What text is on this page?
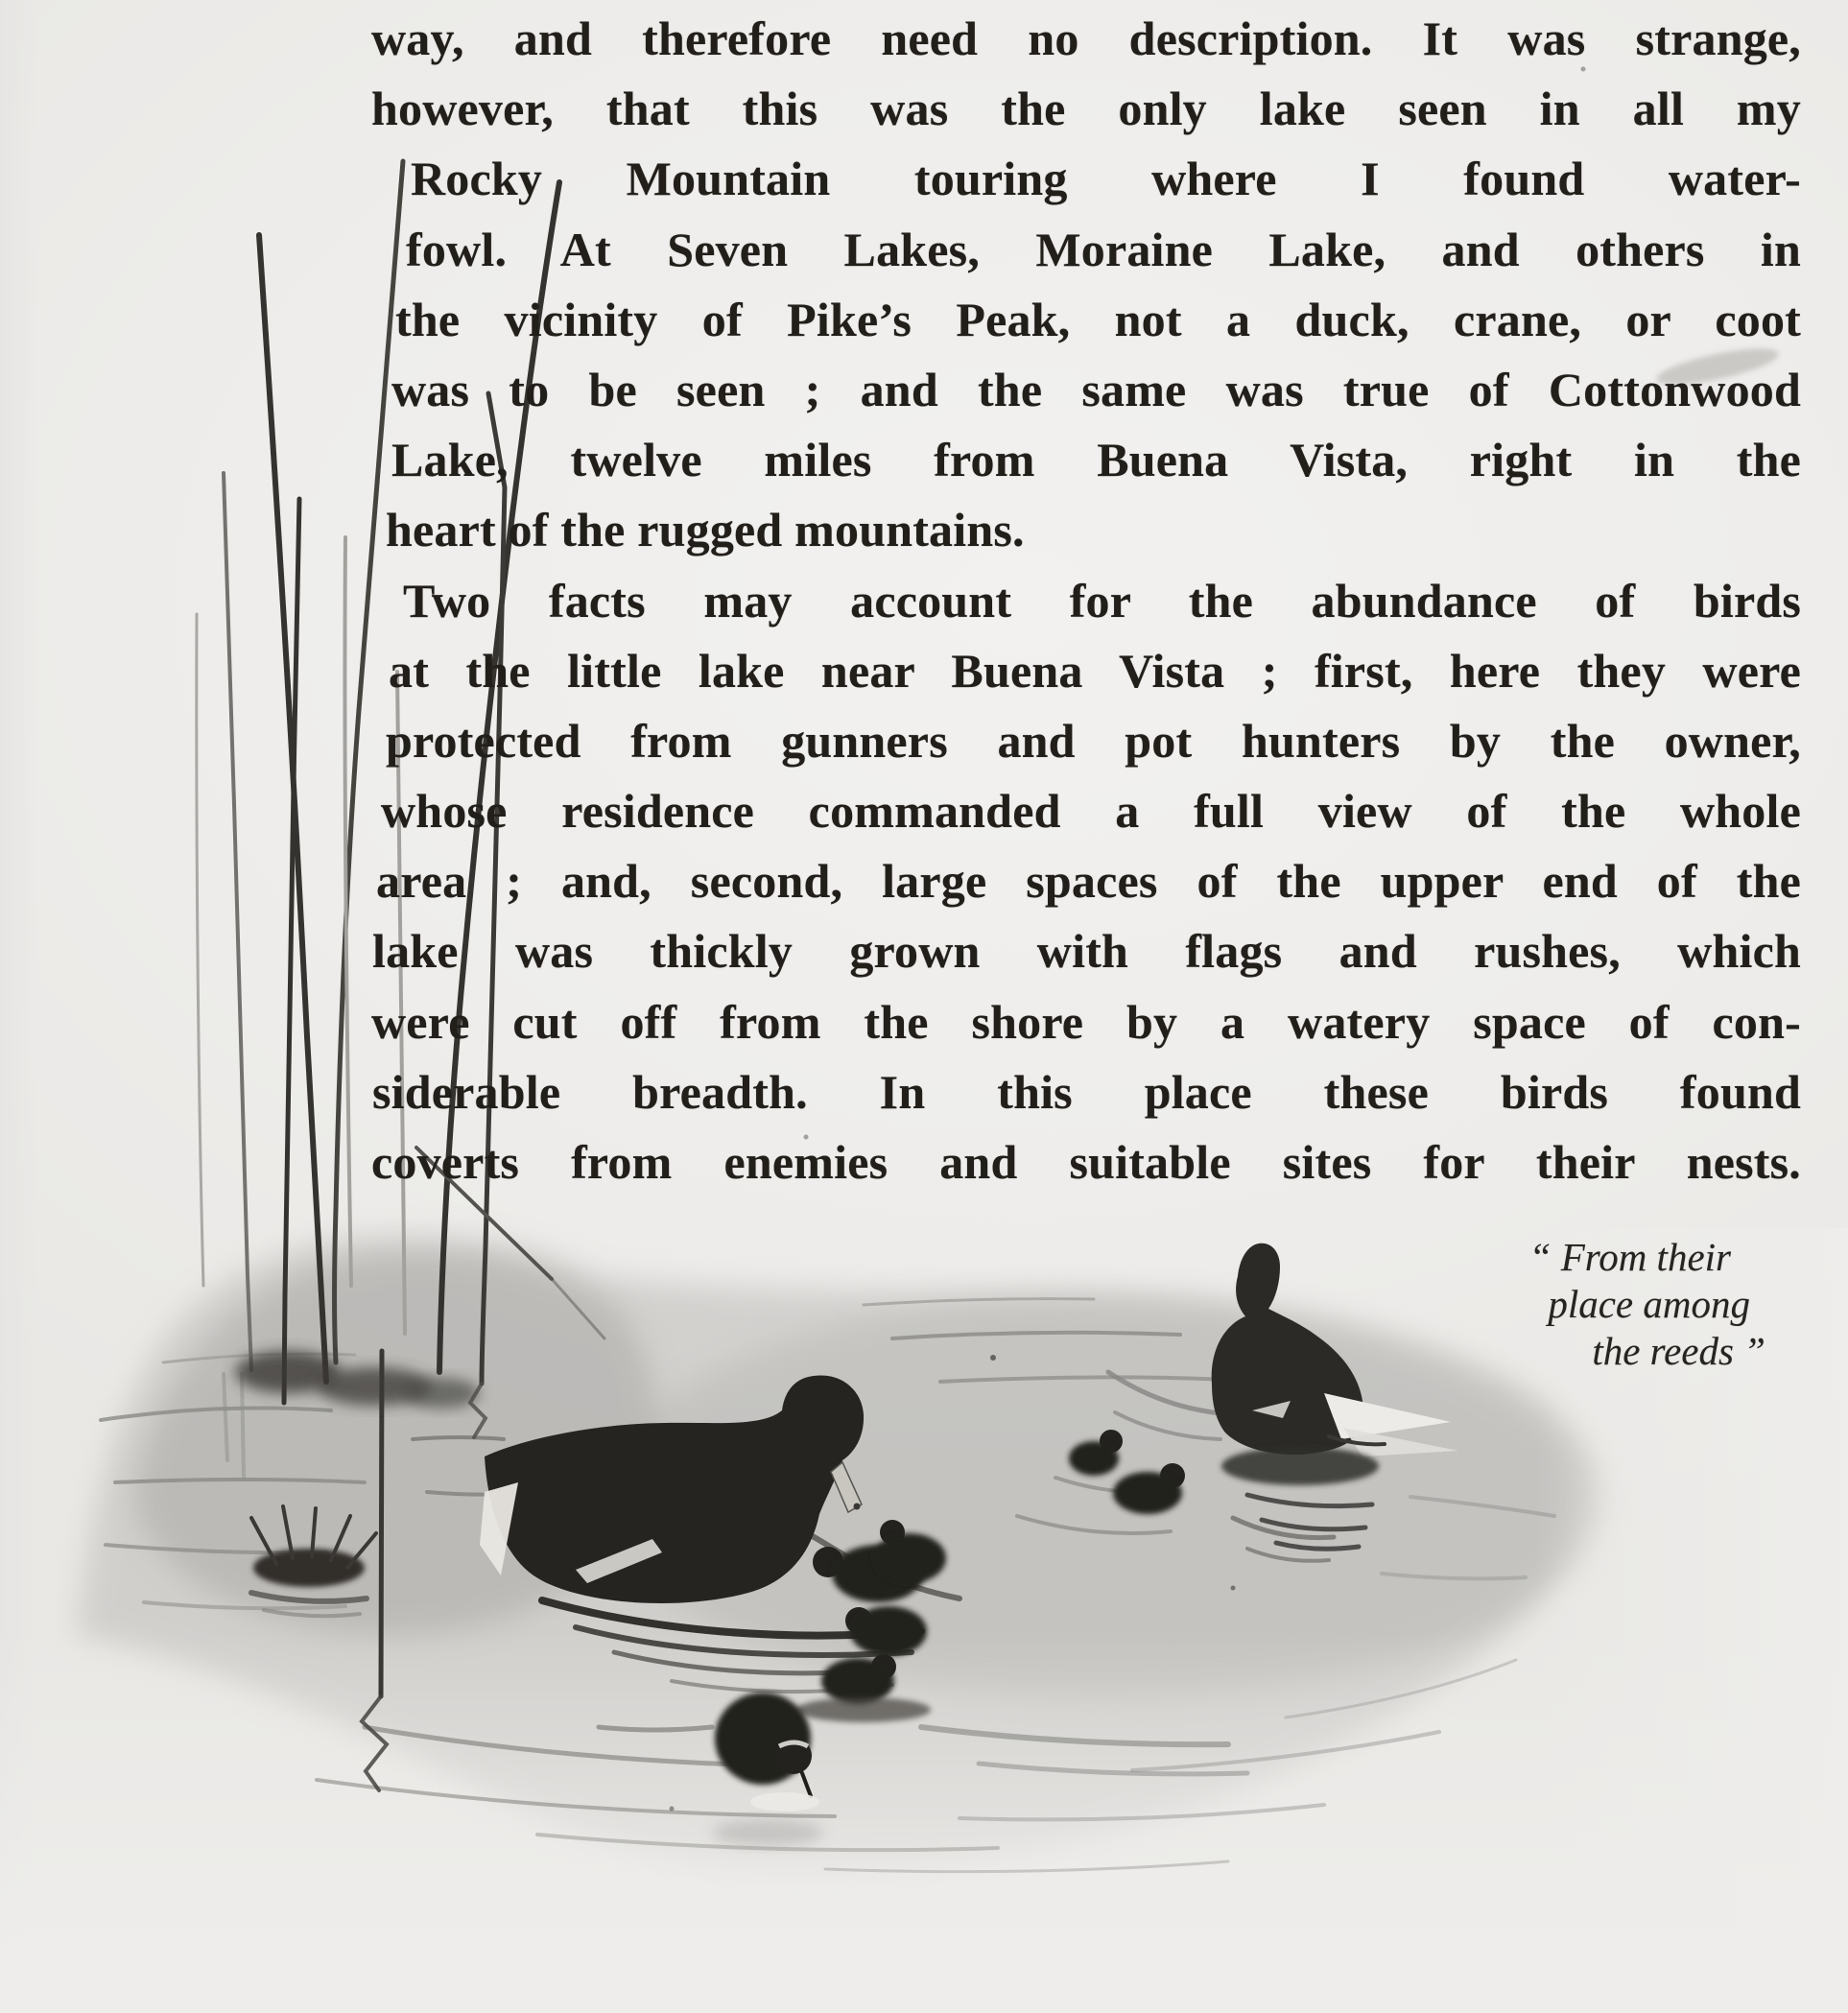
way, and therefore need no description. It was strange,
however, that this was the only lake seen in all my
Rocky Mountain touring where I found water-
fowl. At Seven Lakes, Moraine Lake, and others in
the vicinity of Pike’s Peak, not a duck, crane, or coot
was to be seen ; and the same was true of Cottonwood
Lake, twelve miles from Buena Vista, right in the
heart of the rugged mountains.
Two facts may account for the abundance of birds
at the little lake near Buena Vista ; first, here they were
protected from gunners and pot hunters by the owner,
whose residence commanded a full view of the whole
area ; and, second, large spaces of the upper end of the
lake was thickly grown with flags and rushes, which
were cut off from the shore by a watery space of con-
siderable breadth. In this place these birds found
coverts from enemies and suitable sites for their nests.
“ From their
place among
the reeds ”
